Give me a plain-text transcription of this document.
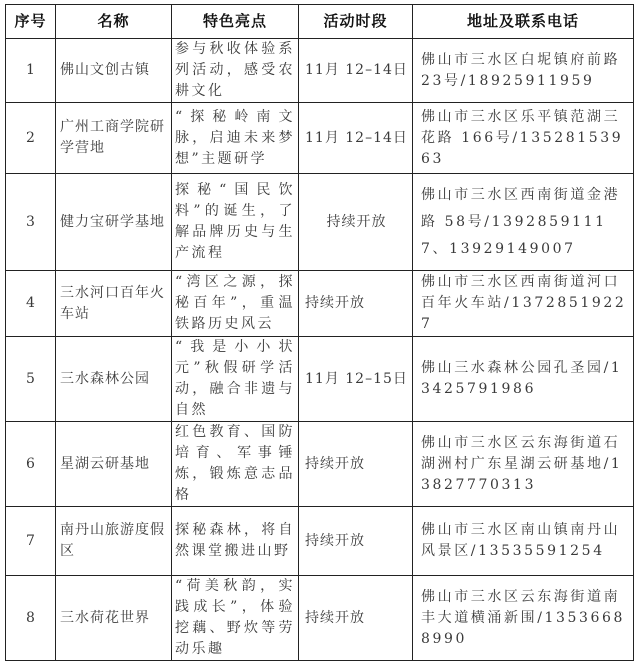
序号	名称	特色亮点	活动时段	地址及联系电话
1	佛山文创古镇	参与秋收体验系列活动，感受农耕文化	11月 12–14日	佛山市三水区白坭镇府前路23号/18925911959
2	广州工商学院研学营地	“探秘岭南文脉，启迪未来梦想”主题研学	11月 12–14日	佛山市三水区乐平镇范湖三花路 166号/13528153963
3	健力宝研学基地	探秘“国民饮料”的诞生，了解品牌历史与生产流程	持续开放	佛山市三水区西南街道金港路 58号/13928591117、13929149007
4	三水河口百年火车站	“湾区之源，探秘百年”，重温铁路历史风云	持续开放	佛山市三水区西南街道河口百年火车站/13728519227
5	三水森林公园	“我是小小状元”秋假研学活动，融合非遗与自然	11月 12–15日	佛山三水森林公园孔圣园/13425791986
6	星湖云研基地	红色教育、国防培育、军事锤炼，锻炼意志品格	持续开放	佛山市三水区云东海街道石湖洲村广东星湖云研基地/13827770313
7	南丹山旅游度假区	探秘森林，将自然课堂搬进山野	持续开放	佛山市三水区南山镇南丹山风景区/13535591254
8	三水荷花世界	“荷美秋韵，实践成长”，体验挖藕、野炊等劳动乐趣	持续开放	佛山市三水区云东海街道南丰大道横涌新围/13536688990
